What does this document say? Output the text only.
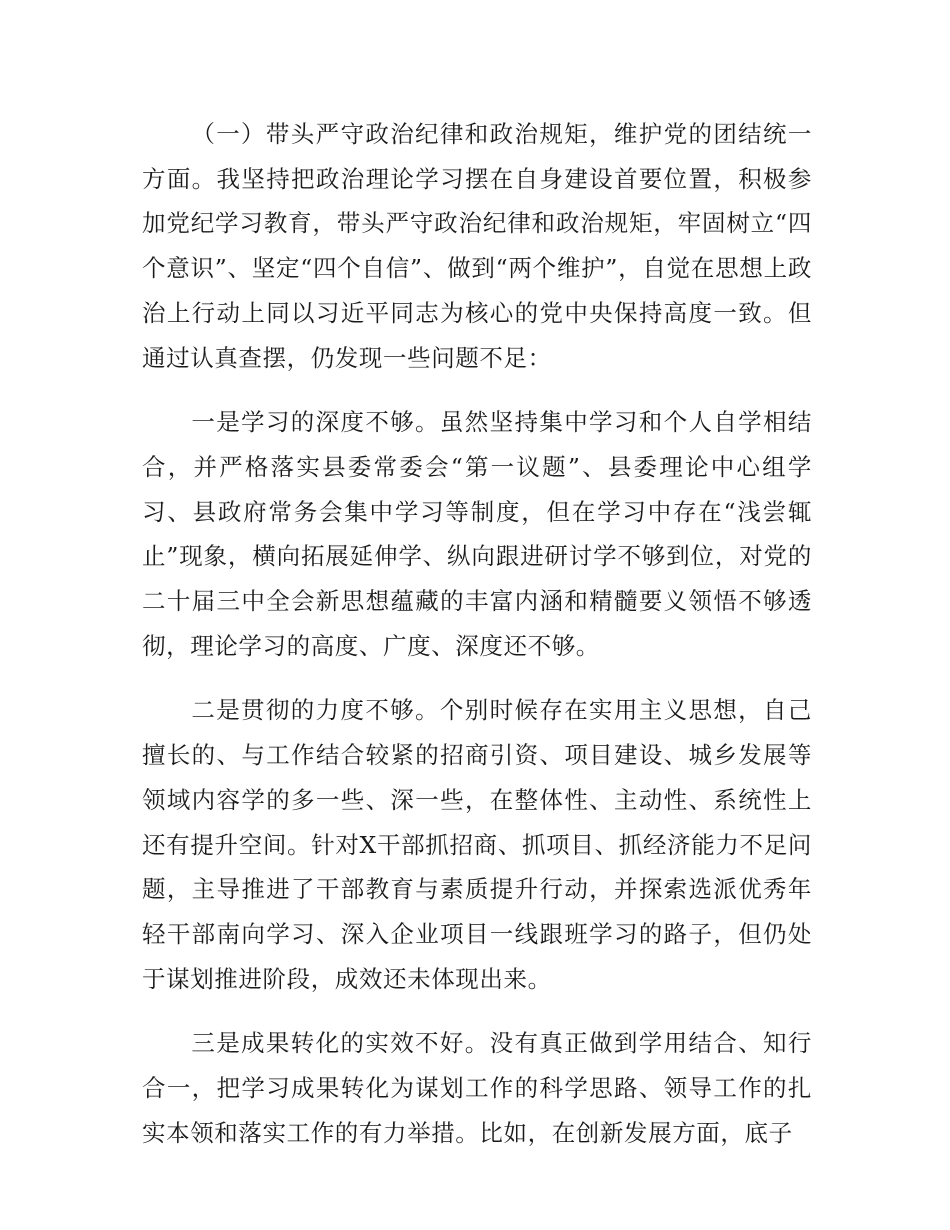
（一）带头严守政治纪律和政治规矩，维护党的团结统一方面。我坚持把政治理论学习摆在自身建设首要位置，积极参加党纪学习教育，带头严守政治纪律和政治规矩，牢固树立“四个意识”、坚定“四个自信”、做到“两个维护”，自觉在思想上政治上行动上同以习近平同志为核心的党中央保持高度一致。但通过认真查摆，仍发现一些问题不足：

一是学习的深度不够。虽然坚持集中学习和个人自学相结合，并严格落实县委常委会“第一议题”、县委理论中心组学习、县政府常务会集中学习等制度，但在学习中存在“浅尝辄止”现象，横向拓展延伸学、纵向跟进研讨学不够到位，对党的二十届三中全会新思想蕴藏的丰富内涵和精髓要义领悟不够透彻，理论学习的高度、广度、深度还不够。

二是贯彻的力度不够。个别时候存在实用主义思想，自己擅长的、与工作结合较紧的招商引资、项目建设、城乡发展等领域内容学的多一些、深一些，在整体性、主动性、系统性上还有提升空间。针对X干部抓招商、抓项目、抓经济能力不足问题，主导推进了干部教育与素质提升行动，并探索选派优秀年轻干部南向学习、深入企业项目一线跟班学习的路子，但仍处于谋划推进阶段，成效还未体现出来。

三是成果转化的实效不好。没有真正做到学用结合、知行合一，把学习成果转化为谋划工作的科学思路、领导工作的扎实本领和落实工作的有力举措。比如，在创新发展方面，底子
